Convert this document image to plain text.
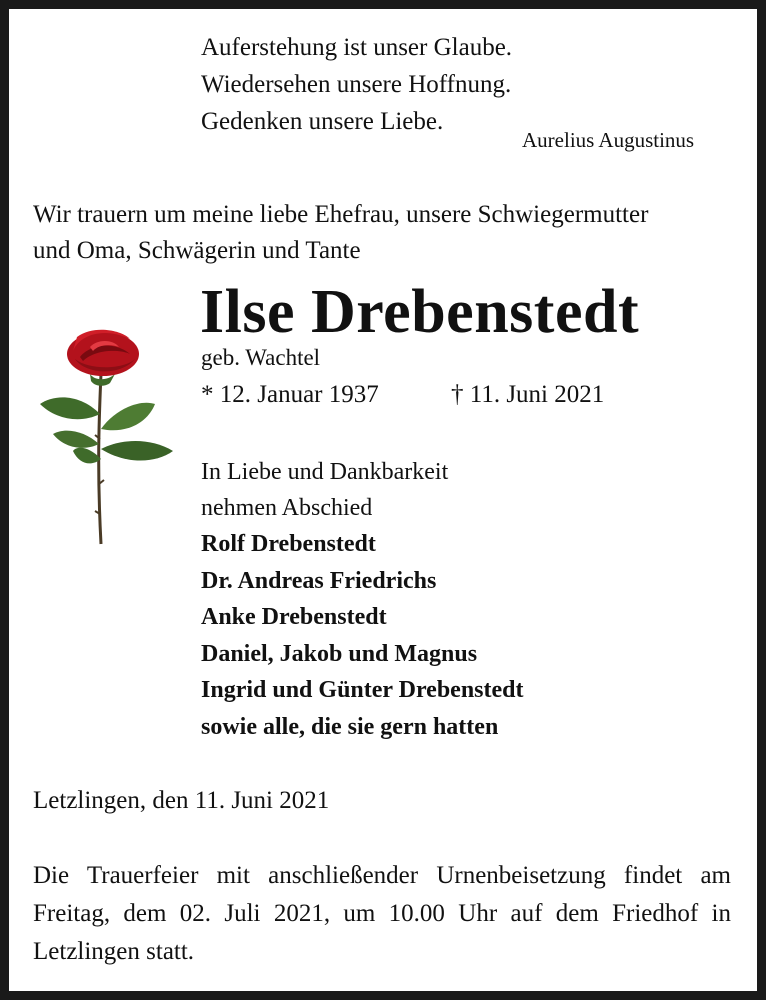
Auferstehung ist unser Glaube.
Wiedersehen unsere Hoffnung.
Gedenken unsere Liebe.
Aurelius Augustinus
Wir trauern um meine liebe Ehefrau, unsere Schwiegermutter
und Oma, Schwägerin und Tante
Ilse Drebenstedt
geb. Wachtel
* 12. Januar 1937	† 11. Juni 2021
In Liebe und Dankbarkeit
nehmen Abschied
Rolf Drebenstedt
Dr. Andreas Friedrichs
Anke Drebenstedt
Daniel, Jakob und Magnus
Ingrid und Günter Drebenstedt
sowie alle, die sie gern hatten
Letzlingen, den 11. Juni 2021
Die Trauerfeier mit anschließender Urnenbeisetzung findet am Freitag, dem 02. Juli 2021, um 10.00 Uhr auf dem Friedhof in Letzlingen statt.
